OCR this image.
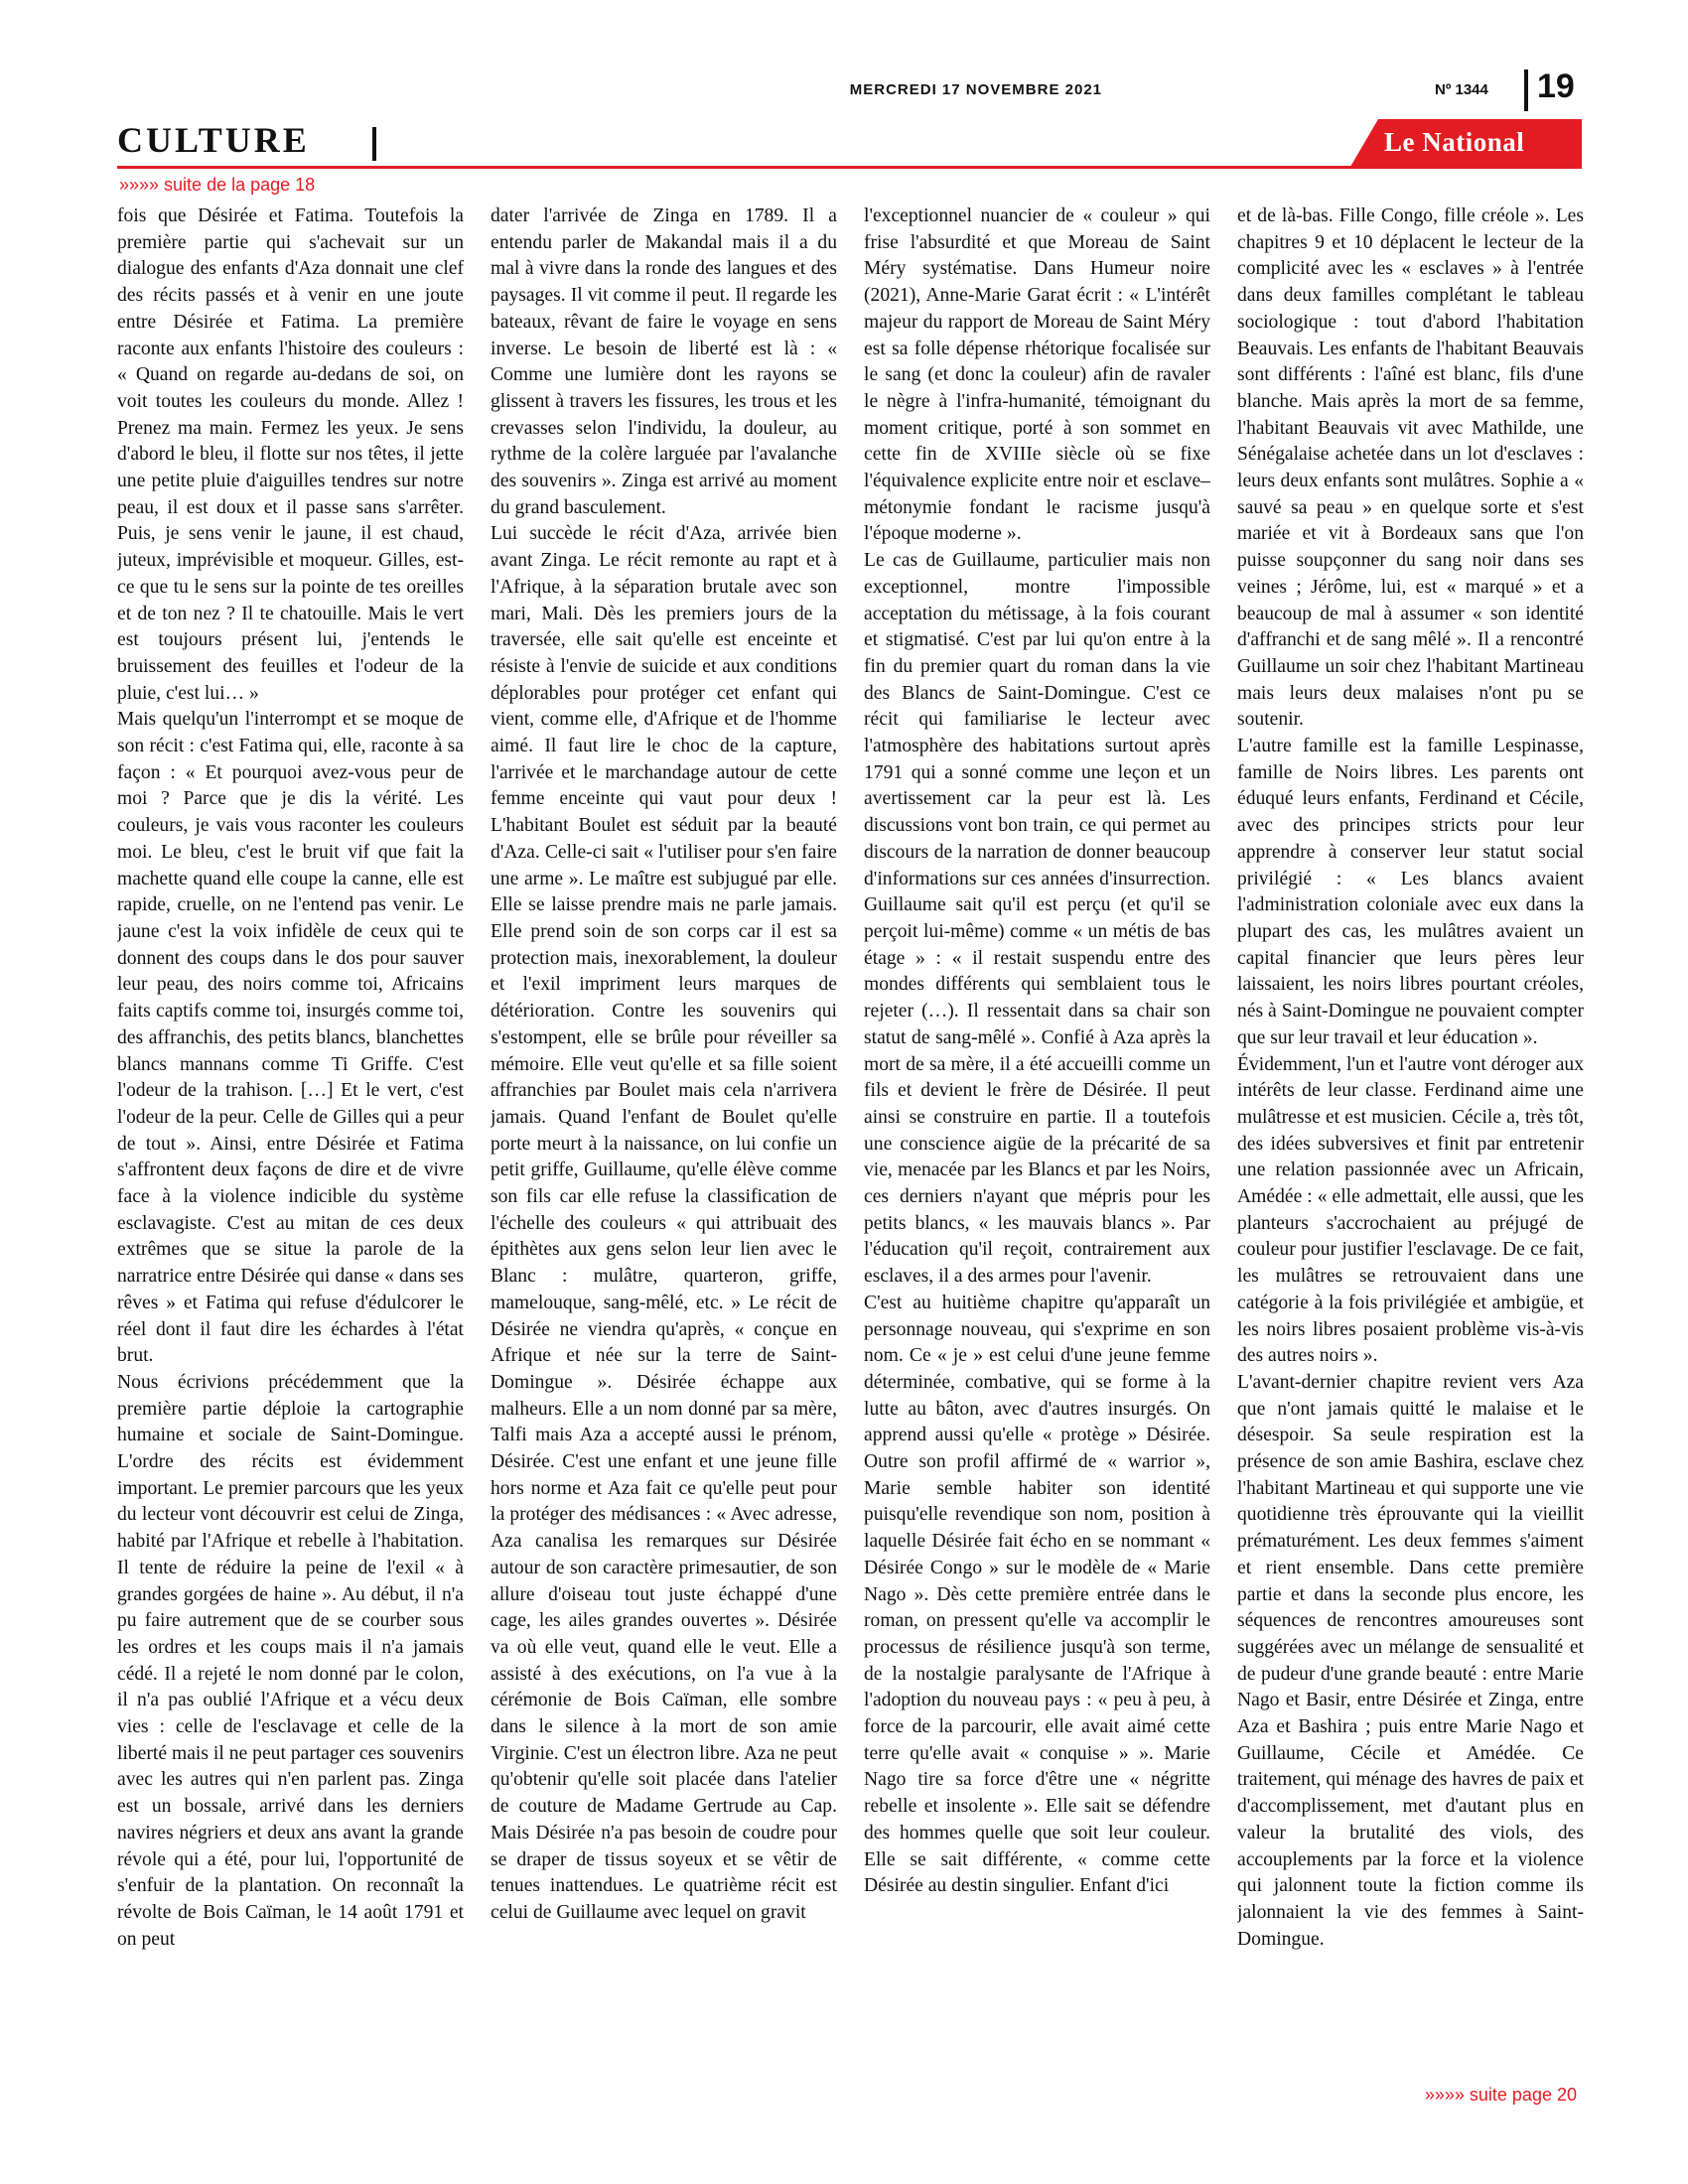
MERCREDI 17 NOVEMBRE 2021	Nº 1344 19
CULTURE	Le National
»»»» suite de la page 18

fois que Désirée et Fatima. Toutefois la première partie qui s'achevait sur un dialogue des enfants d'Aza donnait une clef des récits passés et à venir en une joute entre Désirée et Fatima. La première raconte aux enfants l'histoire des couleurs : « Quand on regarde au-dedans de soi, on voit toutes les couleurs du monde. Allez ! Prenez ma main. Fermez les yeux. Je sens d'abord le bleu, il flotte sur nos têtes, il jette une petite pluie d'aiguilles tendres sur notre peau, il est doux et il passe sans s'arrêter. Puis, je sens venir le jaune, il est chaud, juteux, imprévisible et moqueur. Gilles, est-ce que tu le sens sur la pointe de tes oreilles et de ton nez ? Il te chatouille. Mais le vert est toujours présent lui, j'entends le bruissement des feuilles et l'odeur de la pluie, c'est lui… »

Mais quelqu'un l'interrompt et se moque de son récit : c'est Fatima qui, elle, raconte à sa façon : « Et pourquoi avez-vous peur de moi ? Parce que je dis la vérité. Les couleurs, je vais vous raconter les couleurs moi. Le bleu, c'est le bruit vif que fait la machette quand elle coupe la canne, elle est rapide, cruelle, on ne l'entend pas venir. Le jaune c'est la voix infidèle de ceux qui te donnent des coups dans le dos pour sauver leur peau, des noirs comme toi, Africains faits captifs comme toi, insurgés comme toi, des affranchis, des petits blancs, blanchettes blancs mannans comme Ti Griffe. C'est l'odeur de la trahison. […] Et le vert, c'est l'odeur de la peur. Celle de Gilles qui a peur de tout ». Ainsi, entre Désirée et Fatima s'affrontent deux façons de dire et de vivre face à la violence indicible du système esclavagiste. C'est au mitan de ces deux extrêmes que se situe la parole de la narratrice entre Désirée qui danse « dans ses rêves » et Fatima qui refuse d'édulcorer le réel dont il faut dire les échardes à l'état brut.

Nous écrivions précédemment que la première partie déploie la cartographie humaine et sociale de Saint-Domingue. L'ordre des récits est évidemment important. Le premier parcours que les yeux du lecteur vont découvrir est celui de Zinga, habité par l'Afrique et rebelle à l'habitation. Il tente de réduire la peine de l'exil « à grandes gorgées de haine ». Au début, il n'a pu faire autrement que de se courber sous les ordres et les coups mais il n'a jamais cédé. Il a rejeté le nom donné par le colon, il n'a pas oublié l'Afrique et a vécu deux vies : celle de l'esclavage et celle de la liberté mais il ne peut partager ces souvenirs avec les autres qui n'en parlent pas. Zinga est un bossale, arrivé dans les derniers navires négriers et deux ans avant la grande révole qui a été, pour lui, l'opportunité de s'enfuir de la plantation. On reconnaît la révolte de Bois Caïman, le 14 août 1791 et on peut

dater l'arrivée de Zinga en 1789. Il a entendu parler de Makandal mais il a du mal à vivre dans la ronde des langues et des paysages. Il vit comme il peut. Il regarde les bateaux, rêvant de faire le voyage en sens inverse. Le besoin de liberté est là : « Comme une lumière dont les rayons se glissent à travers les fissures, les trous et les crevasses selon l'individu, la douleur, au rythme de la colère larguée par l'avalanche des souvenirs ». Zinga est arrivé au moment du grand basculement.

Lui succède le récit d'Aza, arrivée bien avant Zinga. Le récit remonte au rapt et à l'Afrique, à la séparation brutale avec son mari, Mali. Dès les premiers jours de la traversée, elle sait qu'elle est enceinte et résiste à l'envie de suicide et aux conditions déplorables pour protéger cet enfant qui vient, comme elle, d'Afrique et de l'homme aimé. Il faut lire le choc de la capture, l'arrivée et le marchandage autour de cette femme enceinte qui vaut pour deux ! L'habitant Boulet est séduit par la beauté d'Aza. Celle-ci sait « l'utiliser pour s'en faire une arme ». Le maître est subjugué par elle. Elle se laisse prendre mais ne parle jamais. Elle prend soin de son corps car il est sa protection mais, inexorablement, la douleur et l'exil impriment leurs marques de détérioration. Contre les souvenirs qui s'estompent, elle se brûle pour réveiller sa mémoire. Elle veut qu'elle et sa fille soient affranchies par Boulet mais cela n'arrivera jamais. Quand l'enfant de Boulet qu'elle porte meurt à la naissance, on lui confie un petit griffe, Guillaume, qu'elle élève comme son fils car elle refuse la classification de l'échelle des couleurs « qui attribuait des épithètes aux gens selon leur lien avec le Blanc : mulâtre, quarteron, griffe, mamelouque, sang-mêlé, etc. » Le récit de Désirée ne viendra qu'après, « conçue en Afrique et née sur la terre de Saint-Domingue ». Désirée échappe aux malheurs. Elle a un nom donné par sa mère, Talfi mais Aza a accepté aussi le prénom, Désirée. C'est une enfant et une jeune fille hors norme et Aza fait ce qu'elle peut pour la protéger des médisances : « Avec adresse, Aza canalisa les remarques sur Désirée autour de son caractère primesautier, de son allure d'oiseau tout juste échappé d'une cage, les ailes grandes ouvertes ». Désirée va où elle veut, quand elle le veut. Elle a assisté à des exécutions, on l'a vue à la cérémonie de Bois Caïman, elle sombre dans le silence à la mort de son amie Virginie. C'est un électron libre. Aza ne peut qu'obtenir qu'elle soit placée dans l'atelier de couture de Madame Gertrude au Cap. Mais Désirée n'a pas besoin de coudre pour se draper de tissus soyeux et se vêtir de tenues inattendues. Le quatrième récit est celui de Guillaume avec lequel on gravit

l'exceptionnel nuancier de « couleur » qui frise l'absurdité et que Moreau de Saint Méry systématise. Dans Humeur noire (2021), Anne-Marie Garat écrit : « L'intérêt majeur du rapport de Moreau de Saint Méry est sa folle dépense rhétorique focalisée sur le sang (et donc la couleur) afin de ravaler le nègre à l'infra-humanité, témoignant du moment critique, porté à son sommet en cette fin de XVIIIe siècle où se fixe l'équivalence explicite entre noir et esclave– métonymie fondant le racisme jusqu'à l'époque moderne ».

Le cas de Guillaume, particulier mais non exceptionnel, montre l'impossible acceptation du métissage, à la fois courant et stigmatisé. C'est par lui qu'on entre à la fin du premier quart du roman dans la vie des Blancs de Saint-Domingue. C'est ce récit qui familiarise le lecteur avec l'atmosphère des habitations surtout après 1791 qui a sonné comme une leçon et un avertissement car la peur est là. Les discussions vont bon train, ce qui permet au discours de la narration de donner beaucoup d'informations sur ces années d'insurrection. Guillaume sait qu'il est perçu (et qu'il se perçoit lui-même) comme « un métis de bas étage » : « il restait suspendu entre des mondes différents qui semblaient tous le rejeter (…). Il ressentait dans sa chair son statut de sang-mêlé ». Confié à Aza après la mort de sa mère, il a été accueilli comme un fils et devient le frère de Désirée. Il peut ainsi se construire en partie. Il a toutefois une conscience aigüe de la précarité de sa vie, menacée par les Blancs et par les Noirs, ces derniers n'ayant que mépris pour les petits blancs, « les mauvais blancs ». Par l'éducation qu'il reçoit, contrairement aux esclaves, il a des armes pour l'avenir.

C'est au huitième chapitre qu'apparaît un personnage nouveau, qui s'exprime en son nom. Ce « je » est celui d'une jeune femme déterminée, combative, qui se forme à la lutte au bâton, avec d'autres insurgés. On apprend aussi qu'elle « protège » Désirée. Outre son profil affirmé de « warrior », Marie semble habiter son identité puisqu'elle revendique son nom, position à laquelle Désirée fait écho en se nommant « Désirée Congo » sur le modèle de « Marie Nago ». Dès cette première entrée dans le roman, on pressent qu'elle va accomplir le processus de résilience jusqu'à son terme, de la nostalgie paralysante de l'Afrique à l'adoption du nouveau pays : « peu à peu, à force de la parcourir, elle avait aimé cette terre qu'elle avait « conquise » ». Marie Nago tire sa force d'être une « négritte rebelle et insolente ». Elle sait se défendre des hommes quelle que soit leur couleur. Elle se sait différente, « comme cette Désirée au destin singulier. Enfant d'ici

et de là-bas. Fille Congo, fille créole ». Les chapitres 9 et 10 déplacent le lecteur de la complicité avec les « esclaves » à l'entrée dans deux familles complétant le tableau sociologique : tout d'abord l'habitation Beauvais. Les enfants de l'habitant Beauvais sont différents : l'aîné est blanc, fils d'une blanche. Mais après la mort de sa femme, l'habitant Beauvais vit avec Mathilde, une Sénégalaise achetée dans un lot d'esclaves : leurs deux enfants sont mulâtres. Sophie a « sauvé sa peau » en quelque sorte et s'est mariée et vit à Bordeaux sans que l'on puisse soupçonner du sang noir dans ses veines ; Jérôme, lui, est « marqué » et a beaucoup de mal à assumer « son identité d'affranchi et de sang mêlé ». Il a rencontré Guillaume un soir chez l'habitant Martineau mais leurs deux malaises n'ont pu se soutenir.

L'autre famille est la famille Lespinasse, famille de Noirs libres. Les parents ont éduqué leurs enfants, Ferdinand et Cécile, avec des principes stricts pour leur apprendre à conserver leur statut social privilégié : « Les blancs avaient l'administration coloniale avec eux dans la plupart des cas, les mulâtres avaient un capital financier que leurs pères leur laissaient, les noirs libres pourtant créoles, nés à Saint-Domingue ne pouvaient compter que sur leur travail et leur éducation ».

Évidemment, l'un et l'autre vont déroger aux intérêts de leur classe. Ferdinand aime une mulâtresse et est musicien. Cécile a, très tôt, des idées subversives et finit par entretenir une relation passionnée avec un Africain, Amédée : « elle admettait, elle aussi, que les planteurs s'accrochaient au préjugé de couleur pour justifier l'esclavage. De ce fait, les mulâtres se retrouvaient dans une catégorie à la fois privilégiée et ambigüe, et les noirs libres posaient problème vis-à-vis des autres noirs ».

L'avant-dernier chapitre revient vers Aza que n'ont jamais quitté le malaise et le désespoir. Sa seule respiration est la présence de son amie Bashira, esclave chez l'habitant Martineau et qui supporte une vie quotidienne très éprouvante qui la vieillit prématurément. Les deux femmes s'aiment et rient ensemble. Dans cette première partie et dans la seconde plus encore, les séquences de rencontres amoureuses sont suggérées avec un mélange de sensualité et de pudeur d'une grande beauté : entre Marie Nago et Basir, entre Désirée et Zinga, entre Aza et Bashira ; puis entre Marie Nago et Guillaume, Cécile et Amédée. Ce traitement, qui ménage des havres de paix et d'accomplissement, met d'autant plus en valeur la brutalité des viols, des accouplements par la force et la violence qui jalonnent toute la fiction comme ils jalonnaient la vie des femmes à Saint-Domingue.

»»»» suite page 20
